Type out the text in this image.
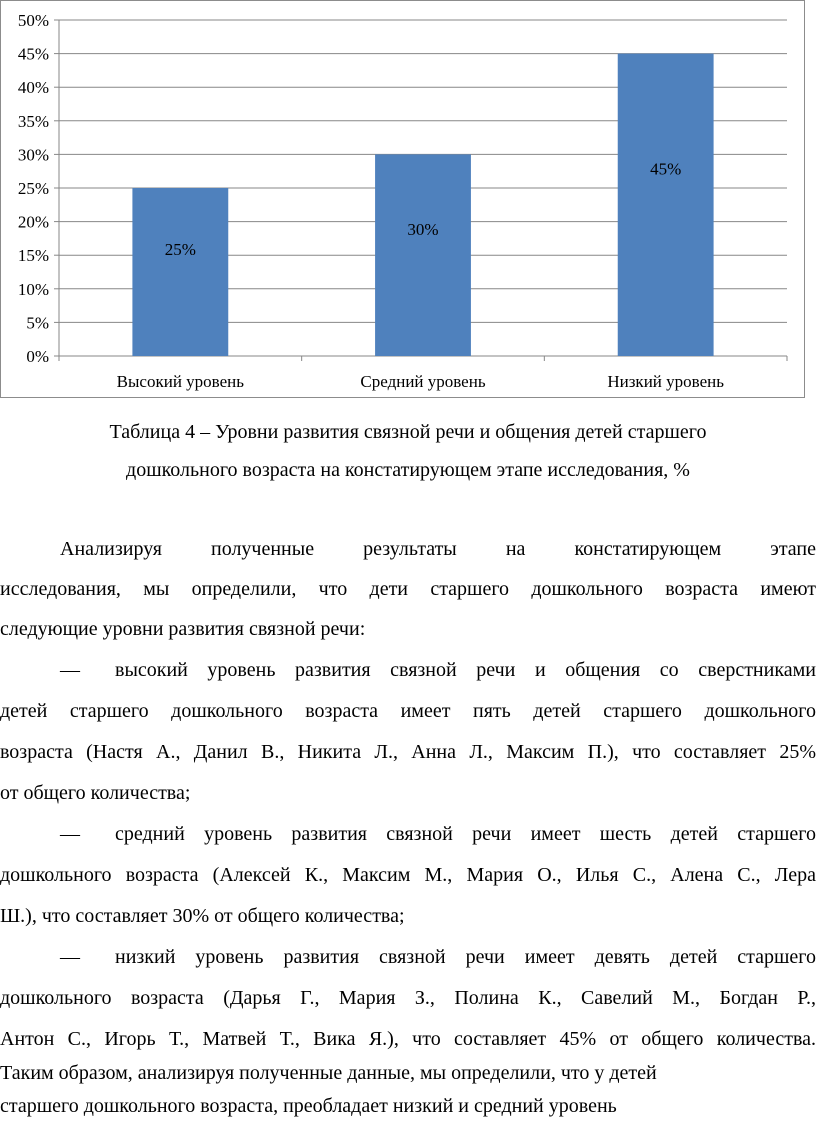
0%
5%
10%
15%
20%
25%
30%
35%
40%
45%
50%
25%
Высокий уровень
30%
Средний уровень
45%
Низкий уровень
Таблица 4 – Уровни развития связной речи и общения детей старшего
дошкольного возраста на констатирующем этапе исследования, %
Анализируя полученные результаты на констатирующем этапе
исследования, мы определили, что дети старшего дошкольного возраста имеют
следующие уровни развития связной речи:
— высокий уровень развития связной речи и общения со сверстниками
детей старшего дошкольного возраста имеет пять детей старшего дошкольного
возраста (Настя А., Данил В., Никита Л., Анна Л., Максим П.), что составляет 25%
от общего количества;
— средний уровень развития связной речи имеет шесть детей старшего
дошкольного возраста (Алексей К., Максим М., Мария О., Илья С., Алена С., Лера
Ш.), что составляет 30% от общего количества;
— низкий уровень развития связной речи имеет девять детей старшего
дошкольного возраста (Дарья Г., Мария З., Полина К., Савелий М., Богдан Р.,
Антон С., Игорь Т., Матвей Т., Вика Я.), что составляет 45% от общего количества.
Таким образом, анализируя полученные данные, мы определили, что у детей
старшего дошкольного возраста, преобладает низкий и средний уровень
